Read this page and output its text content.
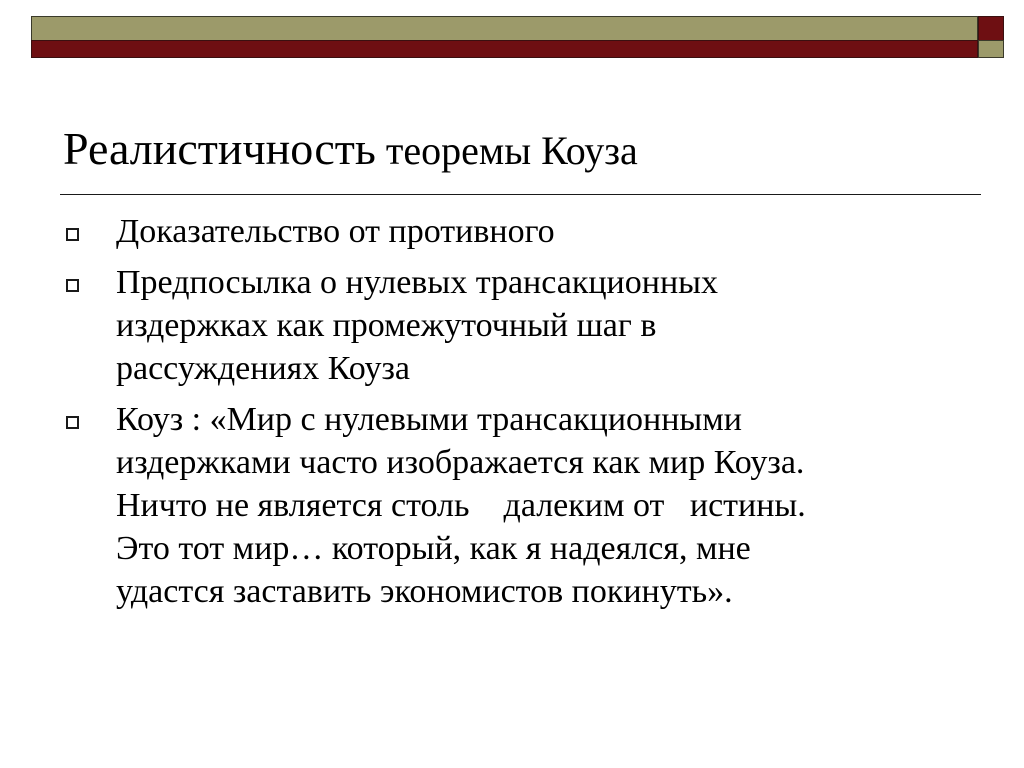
Реалистичность теоремы Коуза
Доказательство от противного
Предпосылка о нулевых трансакционных
издержках как промежуточный шаг в
рассуждениях Коуза
Коуз : «Мир с нулевыми трансакционными
издержками часто изображается как мир Коуза.
Ничто не является столь    далеким от   истины.
Это тот мир… который, как я надеялся, мне
удастся заставить экономистов покинуть».
